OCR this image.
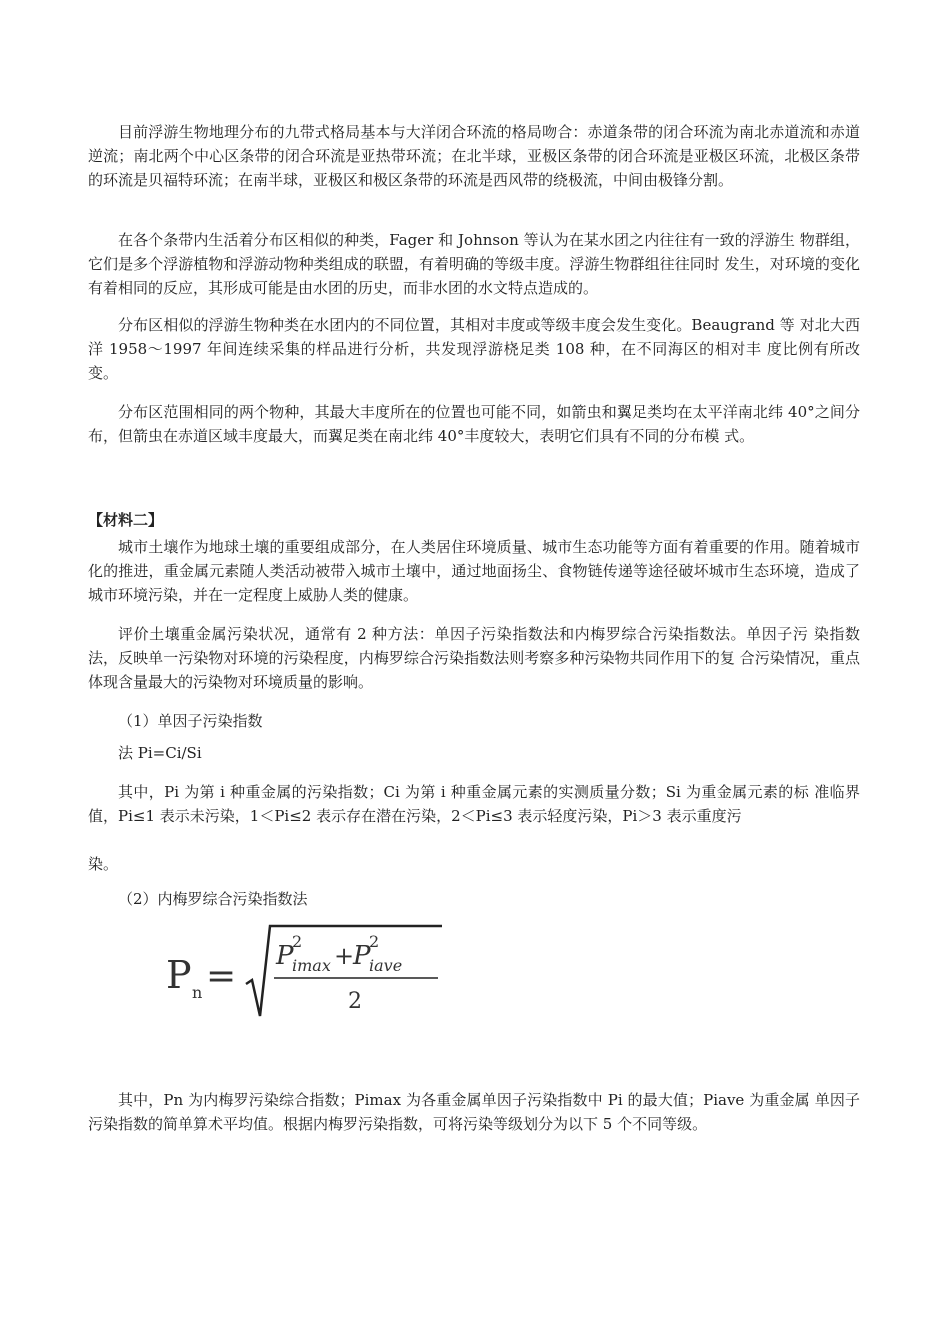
目前浮游生物地理分布的九带式格局基本与大洋闭合环流的格局吻合：赤道条带的闭合环流为南北赤道流和赤道逆流；南北两个中心区条带的闭合环流是亚热带环流；在北半球，亚极区条带的闭合环流是亚极区环流，北极区条带的环流是贝福特环流；在南半球，亚极区和极区条带的环流是西风带的绕极流，中间由极锋分割。

在各个条带内生活着分布区相似的种类，Fager 和 Johnson 等认为在某水团之内往往有一致的浮游生 物群组，它们是多个浮游植物和浮游动物种类组成的联盟，有着明确的等级丰度。浮游生物群组往往同时 发生，对环境的变化有着相同的反应，其形成可能是由水团的历史，而非水团的水文特点造成的。

分布区相似的浮游生物种类在水团内的不同位置，其相对丰度或等级丰度会发生变化。Beaugrand 等 对北大西洋 1958～1997 年间连续采集的样品进行分析，共发现浮游桡足类 108 种，在不同海区的相对丰 度比例有所改变。

分布区范围相同的两个物种，其最大丰度所在的位置也可能不同，如箭虫和翼足类均在太平洋南北纬 40°之间分布，但箭虫在赤道区域丰度最大，而翼足类在南北纬 40°丰度较大，表明它们具有不同的分布模 式。

【材料二】

城市土壤作为地球土壤的重要组成部分，在人类居住环境质量、城市生态功能等方面有着重要的作用。随着城市化的推进，重金属元素随人类活动被带入城市土壤中，通过地面扬尘、食物链传递等途径破坏城市生态环境，造成了城市环境污染，并在一定程度上威胁人类的健康。

评价土壤重金属污染状况，通常有 2 种方法：单因子污染指数法和内梅罗综合污染指数法。单因子污 染指数法，反映单一污染物对环境的污染程度，内梅罗综合污染指数法则考察多种污染物共同作用下的复 合污染情况，重点体现含量最大的污染物对环境质量的影响。

（1）单因子污染指数

法 Pi=Ci/Si

其中，Pi 为第 i 种重金属的污染指数；Ci 为第 i 种重金属元素的实测质量分数；Si 为重金属元素的标 准临界值，Pi≤1 表示未污染，1＜Pi≤2 表示存在潜在污染，2＜Pi≤3 表示轻度污染，Pi＞3 表示重度污

染。

（2）内梅罗综合污染指数法

P n = P
2
imax +
P
2
iave
2

其中，Pn 为内梅罗污染综合指数；Pimax 为各重金属单因子污染指数中 Pi 的最大值；Piave 为重金属 单因子污染指数的简单算术平均值。根据内梅罗污染指数，可将污染等级划分为以下 5 个不同等级。
